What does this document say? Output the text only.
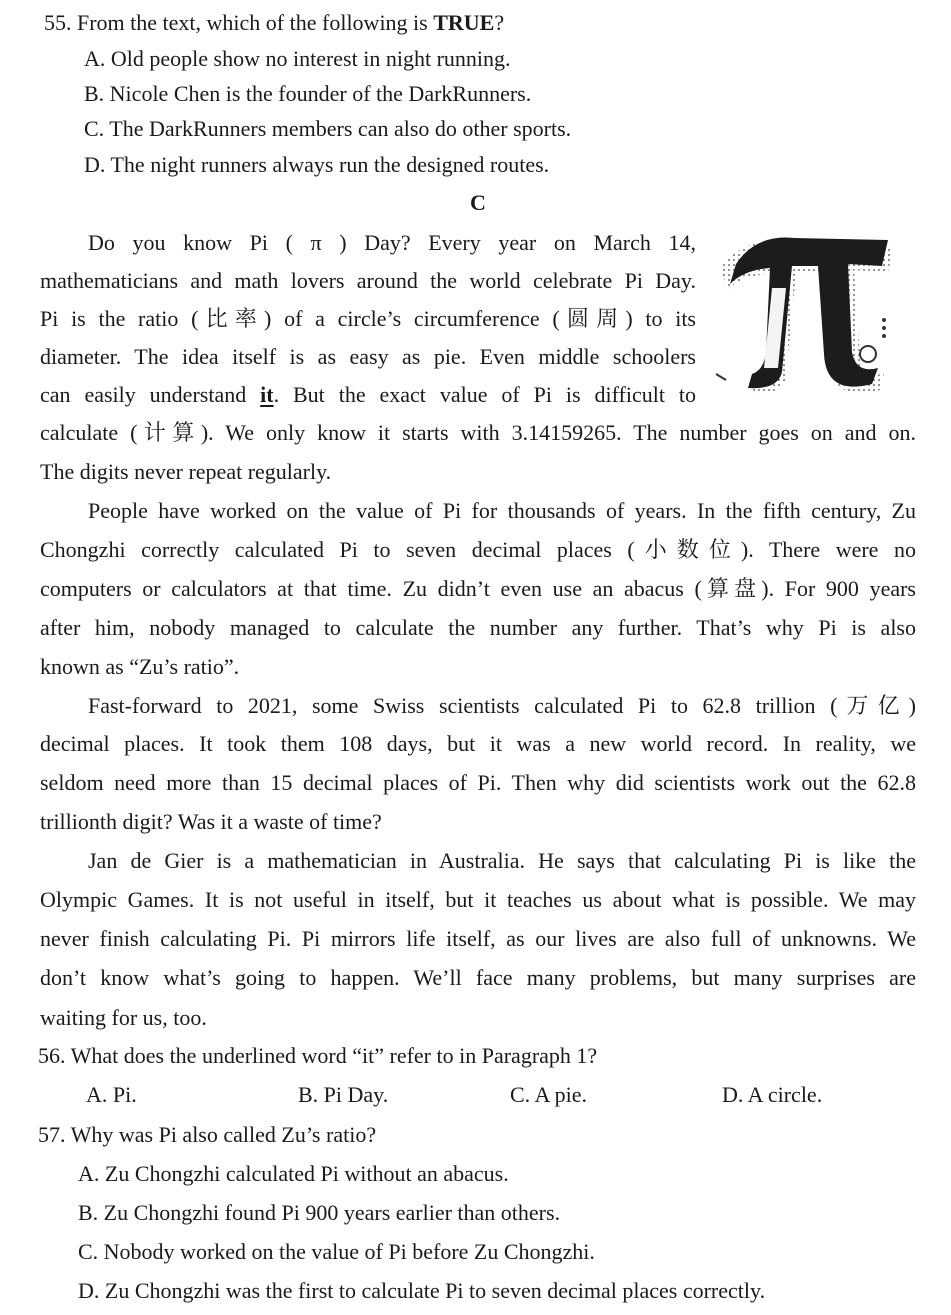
55. From the text, which of the following is TRUE?
A. Old people show no interest in night running.
B. Nicole Chen is the founder of the DarkRunners.
C. The DarkRunners members can also do other sports.
D. The night runners always run the designed routes.
C
Do you know Pi ( π ) Day? Every year on March 14,
mathematicians and math lovers around the world celebrate Pi Day.
Pi is the ratio (比率) of a circle’s circumference (圆周) to its
diameter. The idea itself is as easy as pie. Even middle schoolers
can easily understand it. But the exact value of Pi is difficult to
calculate (计算). We only know it starts with 3.14159265. The number goes on and on.
The digits never repeat regularly.
People have worked on the value of Pi for thousands of years. In the fifth century, Zu
Chongzhi correctly calculated Pi to seven decimal places (小数位). There were no
computers or calculators at that time. Zu didn’t even use an abacus (算盘). For 900 years
after him, nobody managed to calculate the number any further. That’s why Pi is also
known as “Zu’s ratio”.
Fast-forward to 2021, some Swiss scientists calculated Pi to 62.8 trillion (万亿)
decimal places. It took them 108 days, but it was a new world record. In reality, we
seldom need more than 15 decimal places of Pi. Then why did scientists work out the 62.8
trillionth digit? Was it a waste of time?
Jan de Gier is a mathematician in Australia. He says that calculating Pi is like the
Olympic Games. It is not useful in itself, but it teaches us about what is possible. We may
never finish calculating Pi. Pi mirrors life itself, as our lives are also full of unknowns. We
don’t know what’s going to happen. We’ll face many problems, but many surprises are
waiting for us, too.
56. What does the underlined word “it” refer to in Paragraph 1?
A. Pi.	B. Pi Day.	C. A pie.	D. A circle.
57. Why was Pi also called Zu’s ratio?
A. Zu Chongzhi calculated Pi without an abacus.
B. Zu Chongzhi found Pi 900 years earlier than others.
C. Nobody worked on the value of Pi before Zu Chongzhi.
D. Zu Chongzhi was the first to calculate Pi to seven decimal places correctly.
